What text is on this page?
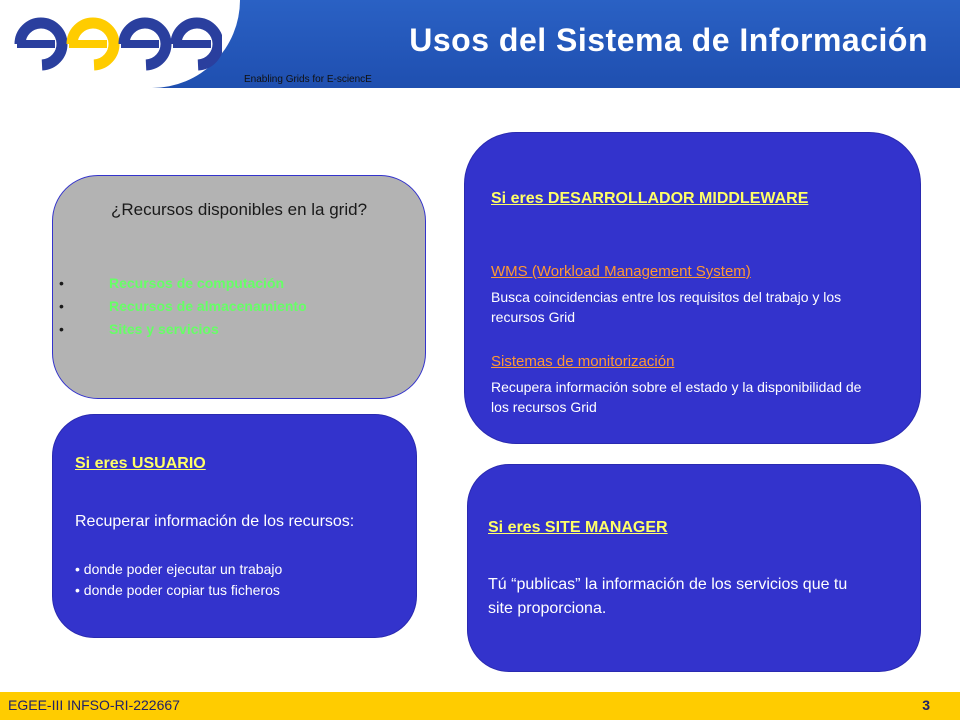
egee
Enabling Grids for E-sciencE
Usos del Sistema de Información
¿Recursos disponibles en la grid?
•	Recursos de computación
•	Recursos de almacenamiento
•	Sites y servicios
Si eres DESARROLLADOR MIDDLEWARE
WMS (Workload Management System)
Busca coincidencias entre los requisitos del trabajo y los recursos Grid
Sistemas de monitorización
Recupera información sobre el estado y la disponibilidad de los recursos Grid
Si eres USUARIO
Recuperar información de los recursos:
• donde poder ejecutar un trabajo
• donde poder copiar tus ficheros
Si eres SITE MANAGER
Tú “publicas” la información de los servicios que tu site proporciona.
EGEE-III INFSO-RI-222667	3
